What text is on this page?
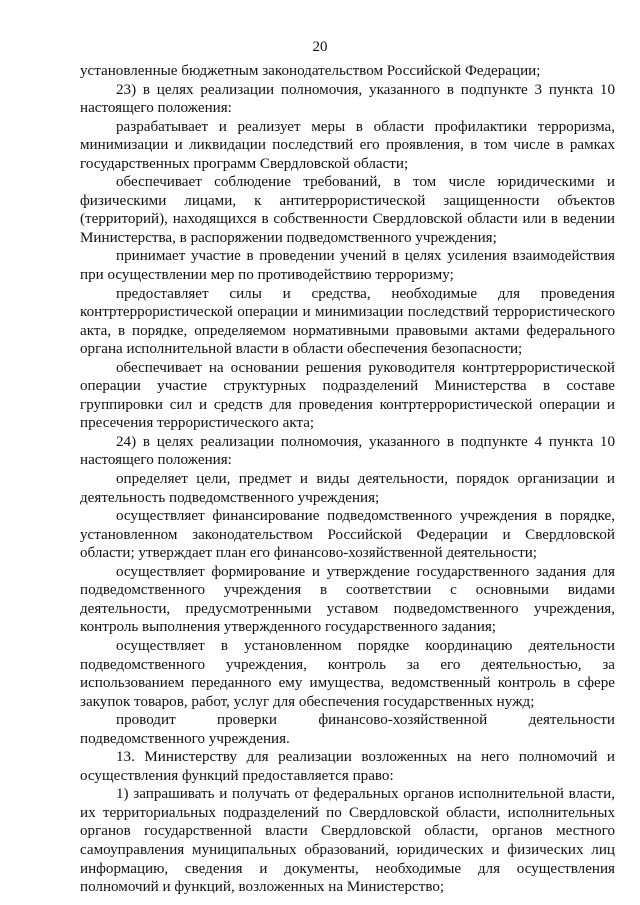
20

установленные бюджетным законодательством Российской Федерации;

23) в целях реализации полномочия, указанного в подпункте 3 пункта 10 настоящего положения:

разрабатывает и реализует меры в области профилактики терроризма, минимизации и ликвидации последствий его проявления, в том числе в рамках государственных программ Свердловской области;

обеспечивает соблюдение требований, в том числе юридическими и физическими лицами, к антитеррористической защищенности объектов (территорий), находящихся в собственности Свердловской области или в ведении Министерства, в распоряжении подведомственного учреждения;

принимает участие в проведении учений в целях усиления взаимодействия при осуществлении мер по противодействию терроризму;

предоставляет силы и средства, необходимые для проведения контртеррористической операции и минимизации последствий террористического акта, в порядке, определяемом нормативными правовыми актами федерального органа исполнительной власти в области обеспечения безопасности;

обеспечивает на основании решения руководителя контртеррористической операции участие структурных подразделений Министерства в составе группировки сил и средств для проведения контртеррористической операции и пресечения террористического акта;

24) в целях реализации полномочия, указанного в подпункте 4 пункта 10 настоящего положения:

определяет цели, предмет и виды деятельности, порядок организации и деятельность подведомственного учреждения;

осуществляет финансирование подведомственного учреждения в порядке, установленном законодательством Российской Федерации и Свердловской области; утверждает план его финансово-хозяйственной деятельности;

осуществляет формирование и утверждение государственного задания для подведомственного учреждения в соответствии с основными видами деятельности, предусмотренными уставом подведомственного учреждения, контроль выполнения утвержденного государственного задания;

осуществляет в установленном порядке координацию деятельности подведомственного учреждения, контроль за его деятельностью, за использованием переданного ему имущества, ведомственный контроль в сфере закупок товаров, работ, услуг для обеспечения государственных нужд;

проводит проверки финансово-хозяйственной деятельности подведомственного учреждения.

13. Министерству для реализации возложенных на него полномочий и осуществления функций предоставляется право:

1) запрашивать и получать от федеральных органов исполнительной власти, их территориальных подразделений по Свердловской области, исполнительных органов государственной власти Свердловской области, органов местного самоуправления муниципальных образований, юридических и физических лиц информацию, сведения и документы, необходимые для осуществления полномочий и функций, возложенных на Министерство;
